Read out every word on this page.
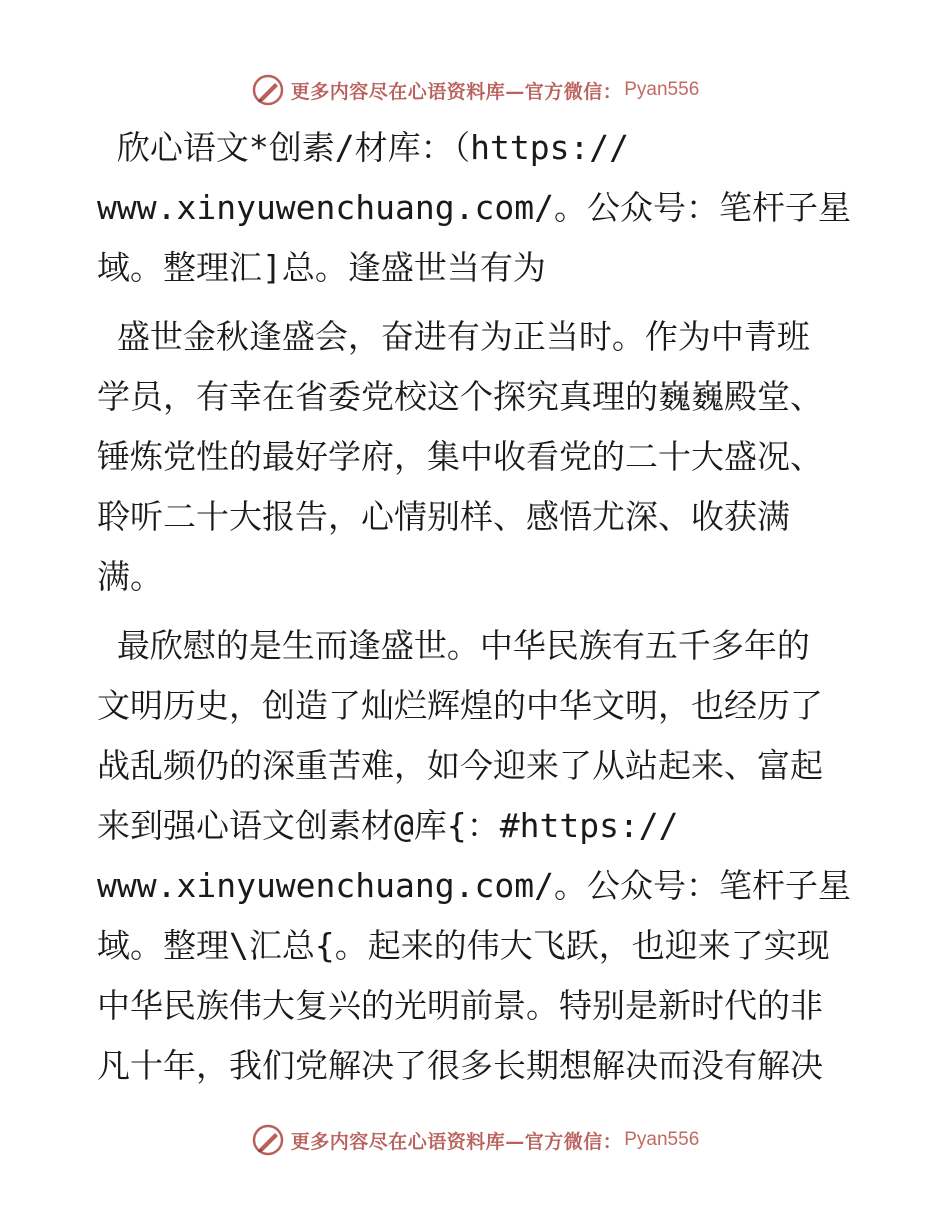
更多内容尽在心语资料库—官方微信： Pyan556
欣心语文*创素/材库：（https://
www.xinyuwenchuang.com/。公众号：笔杆子星
域。整理汇]总。逢盛世当有为
盛世金秋逢盛会，奋进有为正当时。作为中青班
学员，有幸在省委党校这个探究真理的巍巍殿堂、
锤炼党性的最好学府，集中收看党的二十大盛况、
聆听二十大报告，心情别样、感悟尤深、收获满
满。
最欣慰的是生而逢盛世。中华民族有五千多年的
文明历史，创造了灿烂辉煌的中华文明，也经历了
战乱频仍的深重苦难，如今迎来了从站起来、富起
来到强心语文创素材@库{：#https://
www.xinyuwenchuang.com/。公众号：笔杆子星
域。整理\汇总{。起来的伟大飞跃，也迎来了实现
中华民族伟大复兴的光明前景。特别是新时代的非
凡十年，我们党解决了很多长期想解决而没有解决
更多内容尽在心语资料库—官方微信： Pyan556
